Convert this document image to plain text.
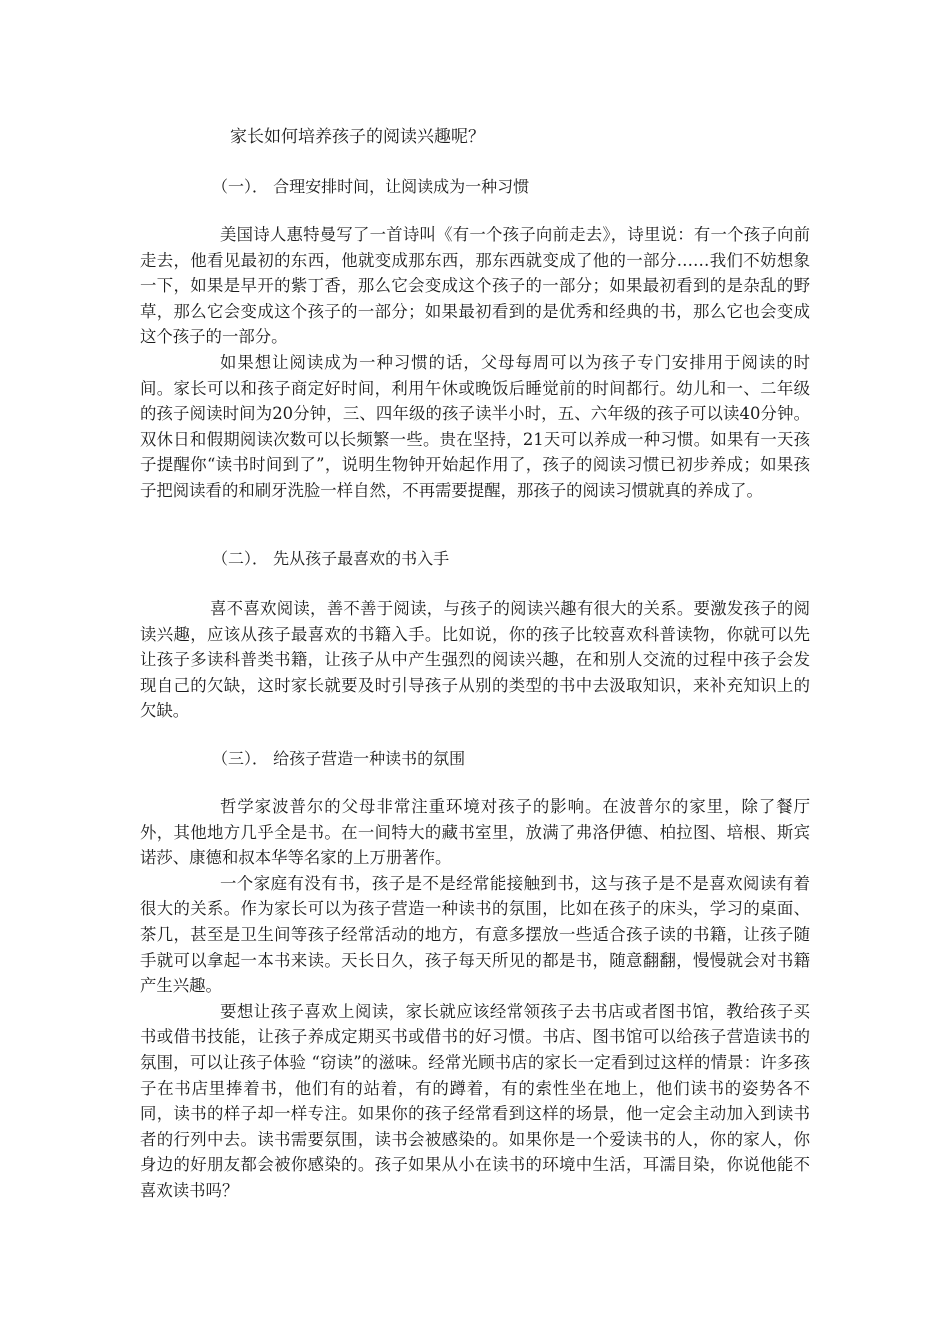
家长如何培养孩子的阅读兴趣呢？
（一）． 合理安排时间，让阅读成为一种习惯

美国诗人惠特曼写了一首诗叫《有一个孩子向前走去》，诗里说：有一个孩子向前走去，他看见最初的东西，他就变成那东西，那东西就变成了他的一部分……我们不妨想象一下，如果是早开的紫丁香，那么它会变成这个孩子的一部分；如果最初看到的是杂乱的野草，那么它会变成这个孩子的一部分；如果最初看到的是优秀和经典的书，那么它也会变成这个孩子的一部分。

如果想让阅读成为一种习惯的话，父母每周可以为孩子专门安排用于阅读的时间。家长可以和孩子商定好时间，利用午休或晚饭后睡觉前的时间都行。幼儿和一、二年级的孩子阅读时间为20分钟，三、四年级的孩子读半小时，五、六年级的孩子可以读40分钟。双休日和假期阅读次数可以长频繁一些。贵在坚持，21天可以养成一种习惯。如果有一天孩子提醒你“读书时间到了”，说明生物钟开始起作用了，孩子的阅读习惯已初步养成；如果孩子把阅读看的和刷牙洗脸一样自然，不再需要提醒，那孩子的阅读习惯就真的养成了。

（二）． 先从孩子最喜欢的书入手

喜不喜欢阅读，善不善于阅读，与孩子的阅读兴趣有很大的关系。要激发孩子的阅读兴趣，应该从孩子最喜欢的书籍入手。比如说，你的孩子比较喜欢科普读物，你就可以先让孩子多读科普类书籍，让孩子从中产生强烈的阅读兴趣，在和别人交流的过程中孩子会发现自己的欠缺，这时家长就要及时引导孩子从别的类型的书中去汲取知识，来补充知识上的欠缺。

（三）． 给孩子营造一种读书的氛围

哲学家波普尔的父母非常注重环境对孩子的影响。在波普尔的家里，除了餐厅外，其他地方几乎全是书。在一间特大的藏书室里，放满了弗洛伊德、柏拉图、培根、斯宾诺莎、康德和叔本华等名家的上万册著作。

一个家庭有没有书，孩子是不是经常能接触到书，这与孩子是不是喜欢阅读有着很大的关系。作为家长可以为孩子营造一种读书的氛围，比如在孩子的床头，学习的桌面、茶几，甚至是卫生间等孩子经常活动的地方，有意多摆放一些适合孩子读的书籍，让孩子随手就可以拿起一本书来读。天长日久，孩子每天所见的都是书，随意翻翻，慢慢就会对书籍产生兴趣。

要想让孩子喜欢上阅读，家长就应该经常领孩子去书店或者图书馆，教给孩子买书或借书技能，让孩子养成定期买书或借书的好习惯。书店、图书馆可以给孩子营造读书的氛围，可以让孩子体验 “窃读”的滋味。经常光顾书店的家长一定看到过这样的情景：许多孩子在书店里捧着书，他们有的站着，有的蹲着，有的索性坐在地上，他们读书的姿势各不同，读书的样子却一样专注。如果你的孩子经常看到这样的场景，他一定会主动加入到读书者的行列中去。读书需要氛围，读书会被感染的。如果你是一个爱读书的人，你的家人，你身边的好朋友都会被你感染的。孩子如果从小在读书的环境中生活，耳濡目染，你说他能不喜欢读书吗？
